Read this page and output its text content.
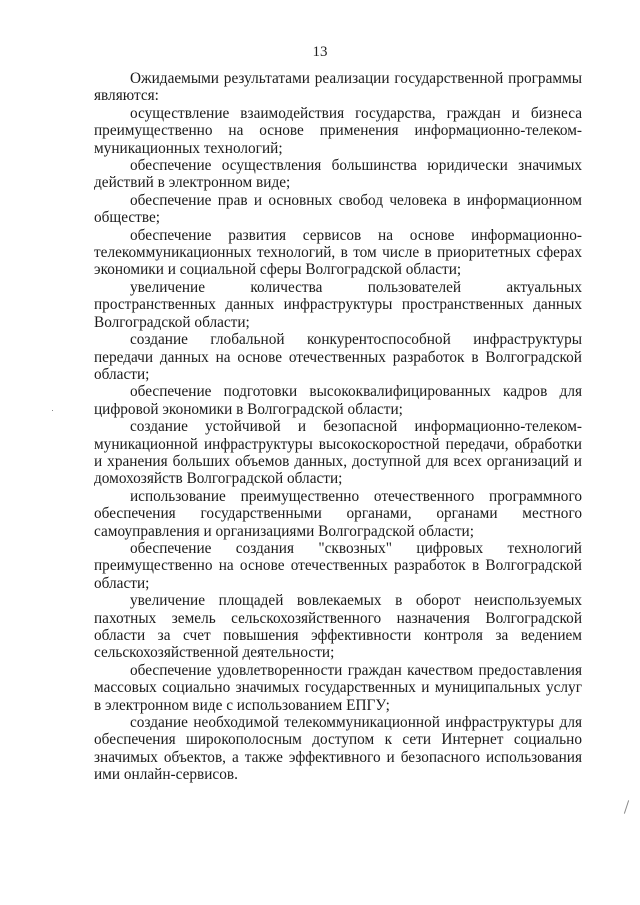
13

Ожидаемыми результатами реализации государственной программы являются:

осуществление взаимодействия государства, граждан и бизнеса преимущественно на основе применения информационно-телеком-муникационных технологий;

обеспечение осуществления большинства юридически значимых действий в электронном виде;

обеспечение прав и основных свобод человека в информационном обществе;

обеспечение развития сервисов на основе информационно-телекоммуникационных технологий, в том числе в приоритетных сферах экономики и социальной сферы Волгоградской области;

увеличение количества пользователей актуальных пространственных данных инфраструктуры пространственных данных Волгоградской области;

создание глобальной конкурентоспособной инфраструктуры передачи данных на основе отечественных разработок в Волгоградской области;

обеспечение подготовки высококвалифицированных кадров для цифровой экономики в Волгоградской области;

создание устойчивой и безопасной информационно-телеком-муникационной инфраструктуры высокоскоростной передачи, обработки и хранения больших объемов данных, доступной для всех организаций и домохозяйств Волгоградской области;

использование преимущественно отечественного программного обеспечения государственными органами, органами местного самоуправления и организациями Волгоградской области;

обеспечение создания "сквозных" цифровых технологий преимущественно на основе отечественных разработок в Волгоградской области;

увеличение площадей вовлекаемых в оборот неиспользуемых пахотных земель сельскохозяйственного назначения Волгоградской области за счет повышения эффективности контроля за ведением сельскохозяйственной деятельности;

обеспечение удовлетворенности граждан качеством предоставления массовых социально значимых государственных и муниципальных услуг в электронном виде с использованием ЕПГУ;

создание необходимой телекоммуникационной инфраструктуры для обеспечения широкополосным доступом к сети Интернет социально значимых объектов, а также эффективного и безопасного использования ими онлайн-сервисов.
